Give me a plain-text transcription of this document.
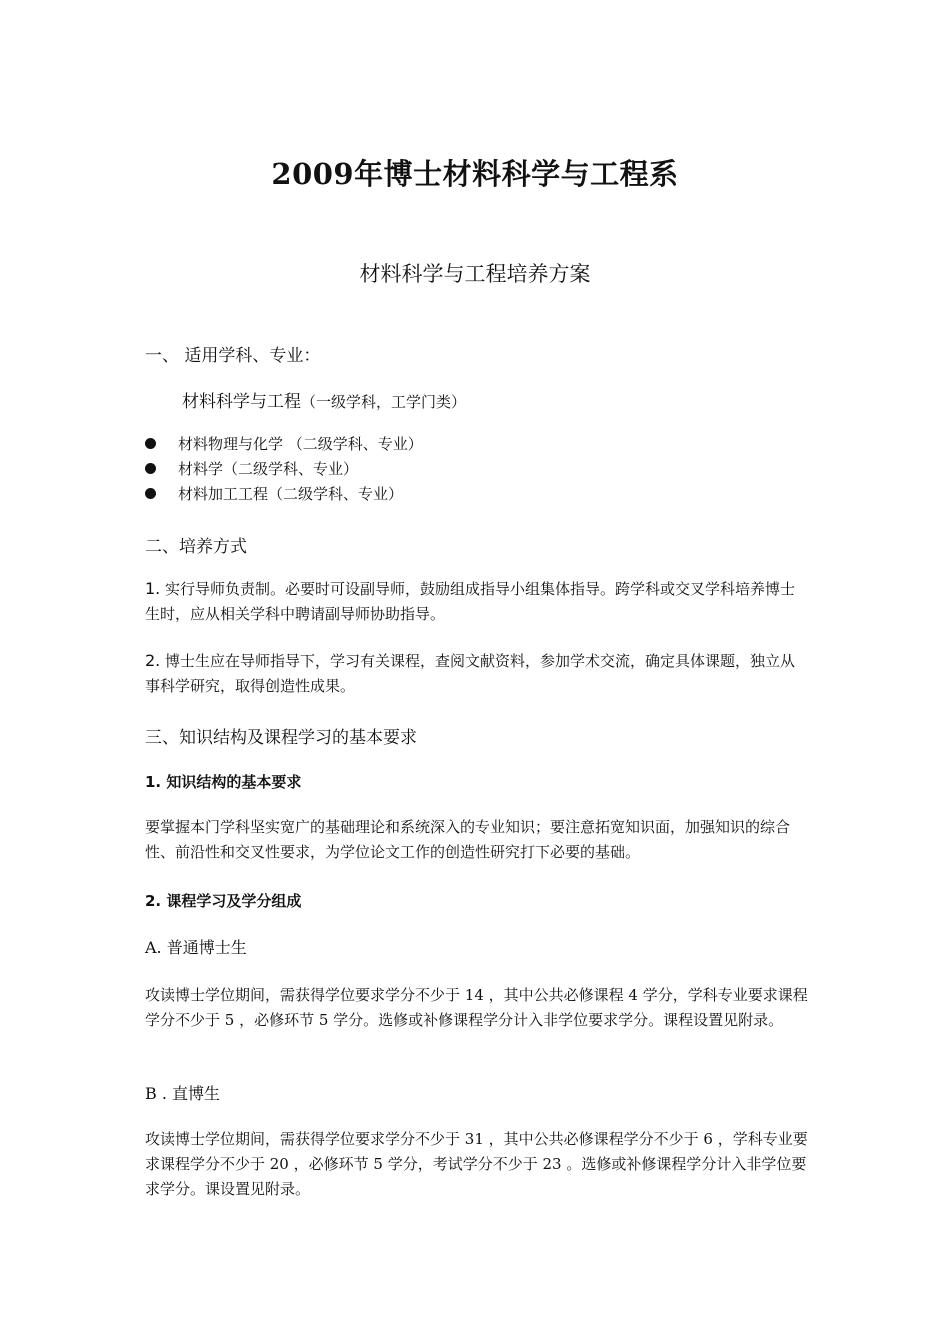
2009年博士材料科学与工程系
材料科学与工程培养方案
一、 适用学科、专业：
材料科学与工程（一级学科，工学门类）
材料物理与化学 （二级学科、专业）
材料学（二级学科、专业）
材料加工工程（二级学科、专业）
二、培养方式
1. 实行导师负责制。必要时可设副导师，鼓励组成指导小组集体指导。跨学科或交叉学科培养博士生时，应从相关学科中聘请副导师协助指导。
2. 博士生应在导师指导下，学习有关课程，查阅文献资料，参加学术交流，确定具体课题，独立从事科学研究，取得创造性成果。
三、知识结构及课程学习的基本要求
1. 知识结构的基本要求
要掌握本门学科坚实宽广的基础理论和系统深入的专业知识；要注意拓宽知识面，加强知识的综合性、前沿性和交叉性要求，为学位论文工作的创造性研究打下必要的基础。
2. 课程学习及学分组成
A. 普通博士生
攻读博士学位期间，需获得学位要求学分不少于 14 ，其中公共必修课程 4 学分，学科专业要求课程学分不少于 5 ，必修环节 5 学分。选修或补修课程学分计入非学位要求学分。课程设置见附录。
B . 直博生
攻读博士学位期间，需获得学位要求学分不少于 31 ，其中公共必修课程学分不少于 6 ，学科专业要求课程学分不少于 20 ，必修环节 5 学分，考试学分不少于 23 。选修或补修课程学分计入非学位要求学分。课设置见附录。
